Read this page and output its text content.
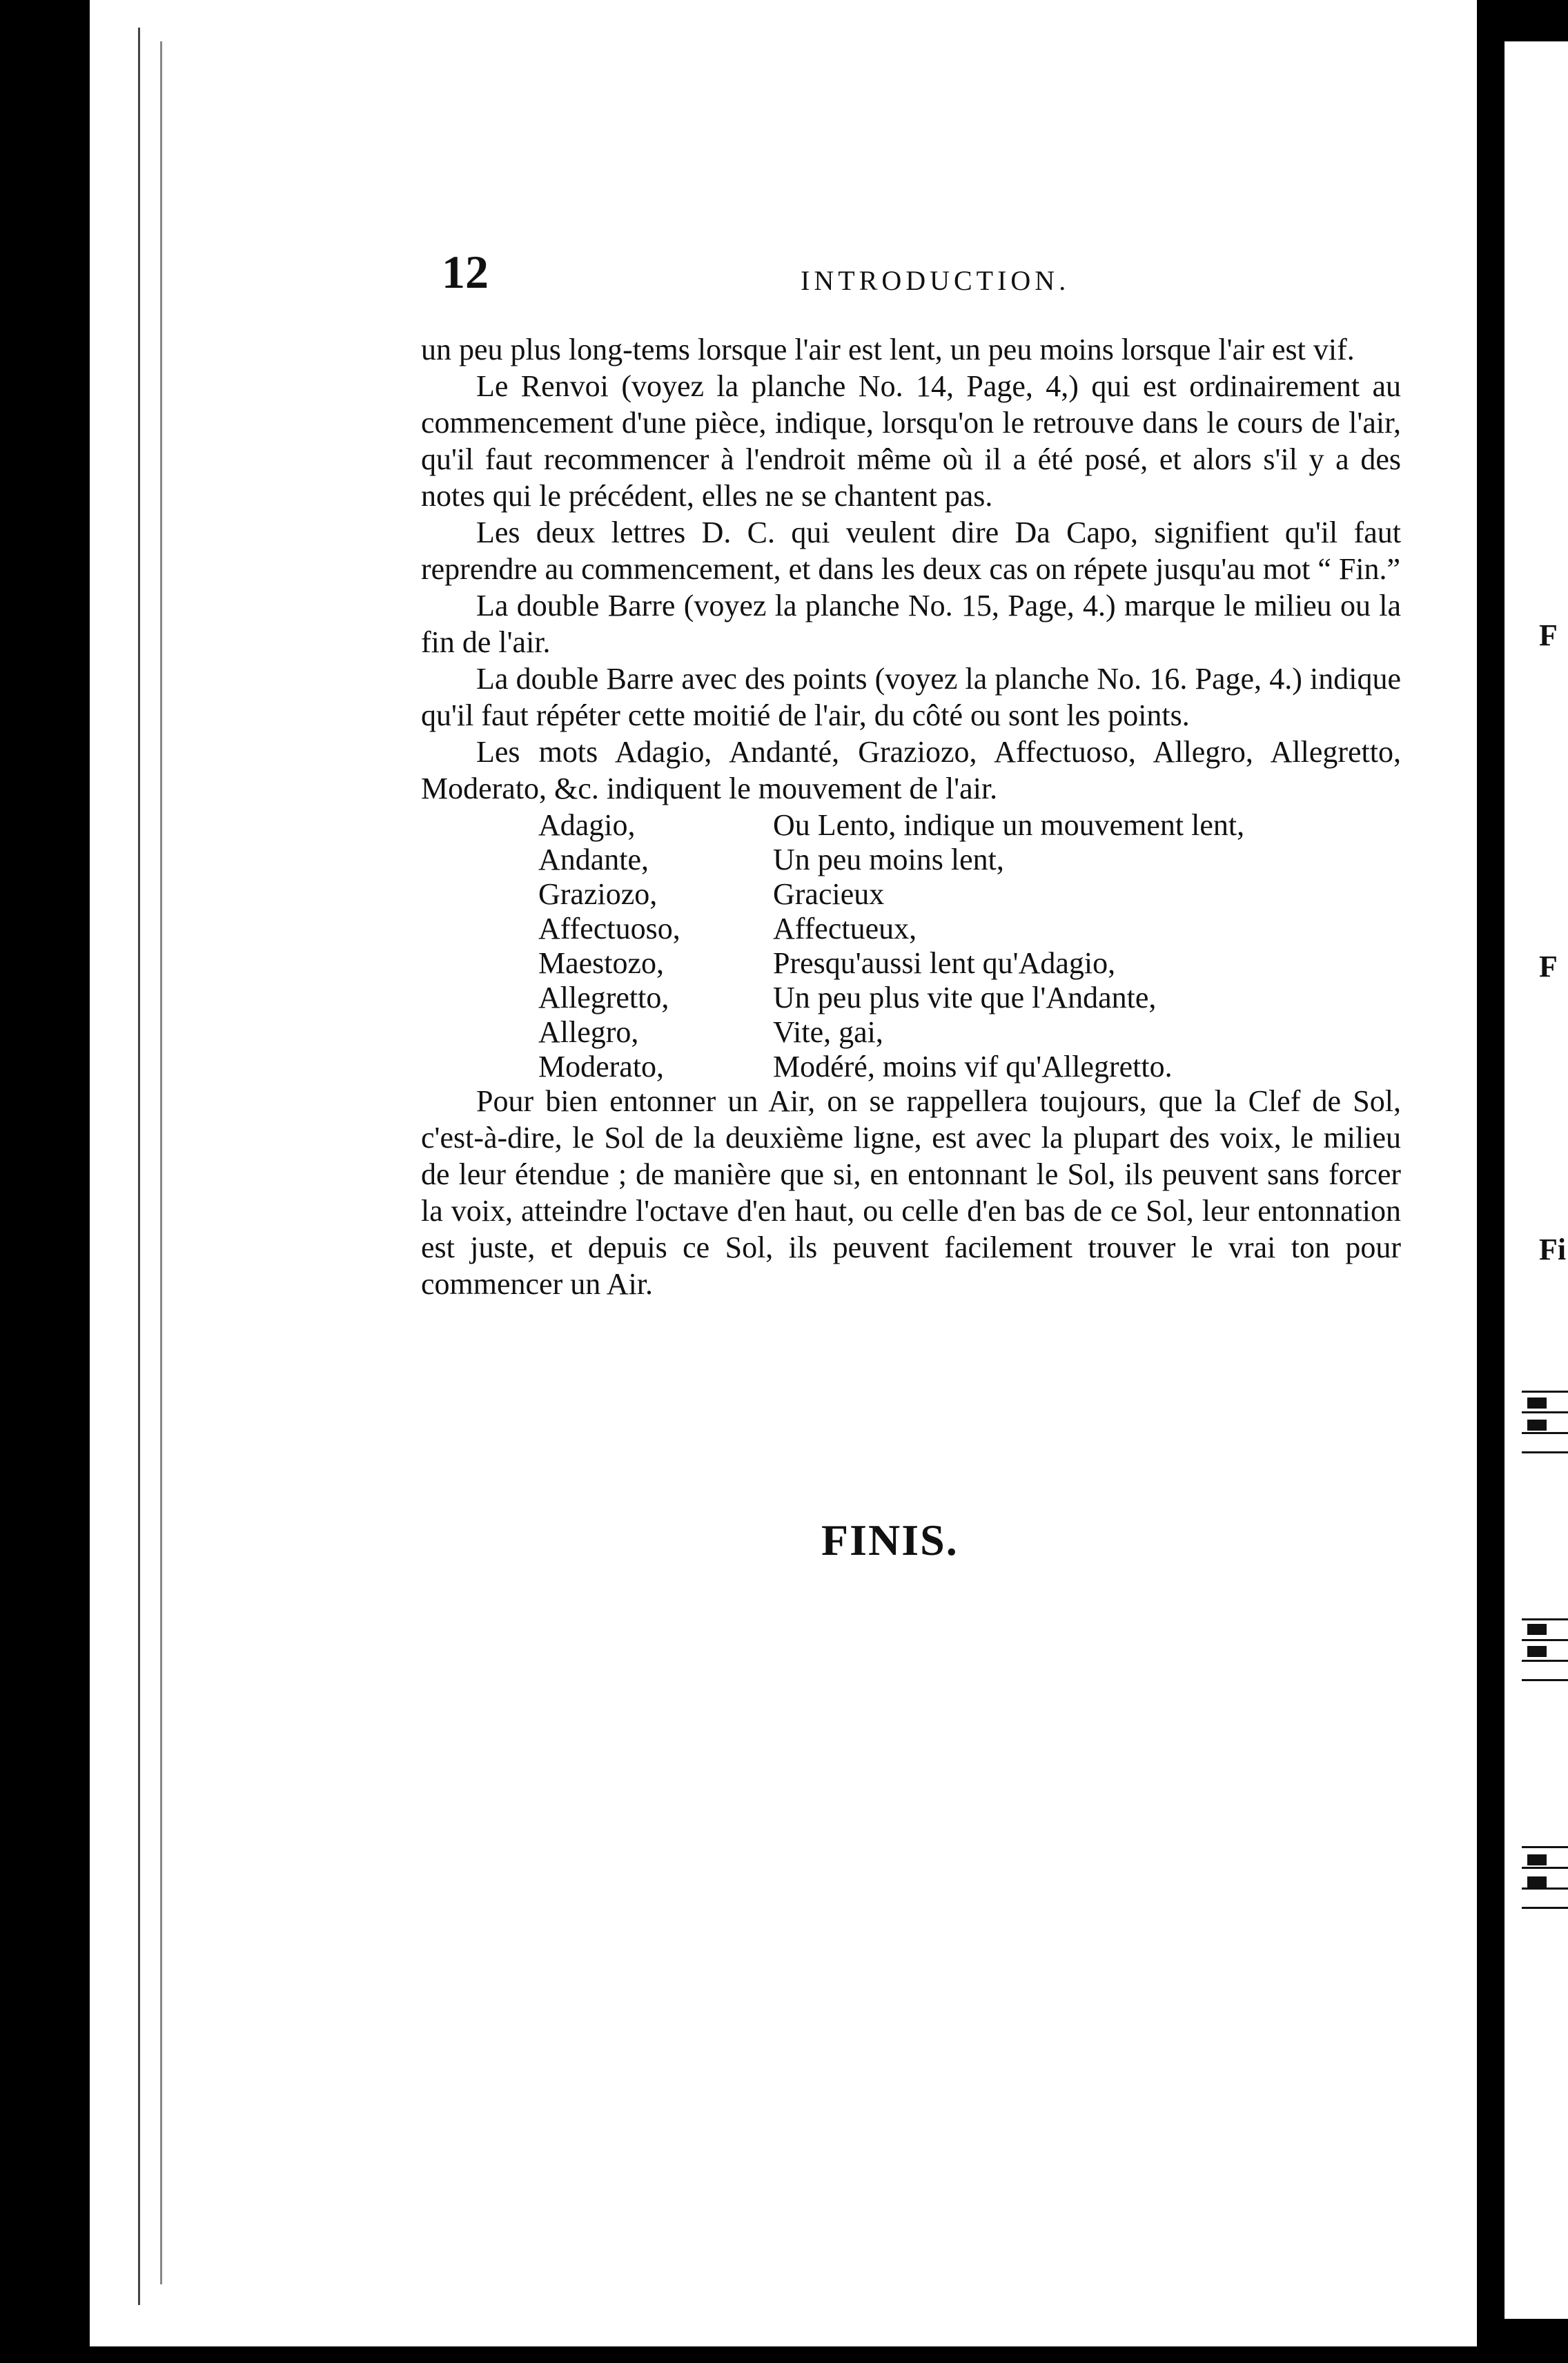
12	INTRODUCTION.

un peu plus long-tems lorsque l'air est lent, un peu moins lorsque l'air est vif.

Le Renvoi (voyez la planche No. 14, Page, 4,) qui est ordinairement au commencement d'une pièce, indique, lorsqu'on le retrouve dans le cours de l'air, qu'il faut recommencer à l'endroit même où il a été posé, et alors s'il y a des notes qui le précédent, elles ne se chantent pas.

Les deux lettres D. C. qui veulent dire Da Capo, signifient qu'il faut reprendre au commencement, et dans les deux cas on répete jusqu'au mot “ Fin.”

La double Barre (voyez la planche No. 15, Page, 4.) marque le milieu ou la fin de l'air.

La double Barre avec des points (voyez la planche No. 16. Page, 4.) indique qu'il faut répéter cette moitié de l'air, du côté ou sont les points.

Les mots Adagio, Andanté, Graziozo, Affectuoso, Allegro, Allegretto, Moderato, &c. indiquent le mouvement de l'air.

Adagio,	Ou Lento, indique un mouvement lent,
Andante,	Un peu moins lent,
Graziozo,	Gracieux
Affectuoso,	Affectueux,
Maestozo,	Presqu'aussi lent qu'Adagio,
Allegretto,	Un peu plus vite que l'Andante,
Allegro,	Vite, gai,
Moderato,	Modéré, moins vif qu'Allegretto.

Pour bien entonner un Air, on se rappellera toujours, que la Clef de Sol, c'est-à-dire, le Sol de la deuxième ligne, est avec la plupart des voix, le milieu de leur étendue ; de manière que si, en entonnant le Sol, ils peuvent sans forcer la voix, atteindre l'octave d'en haut, ou celle d'en bas de ce Sol, leur entonnation est juste, et depuis ce Sol, ils peuvent facilement trouver le vrai ton pour commencer un Air.

FINIS.
F
F
Fi
